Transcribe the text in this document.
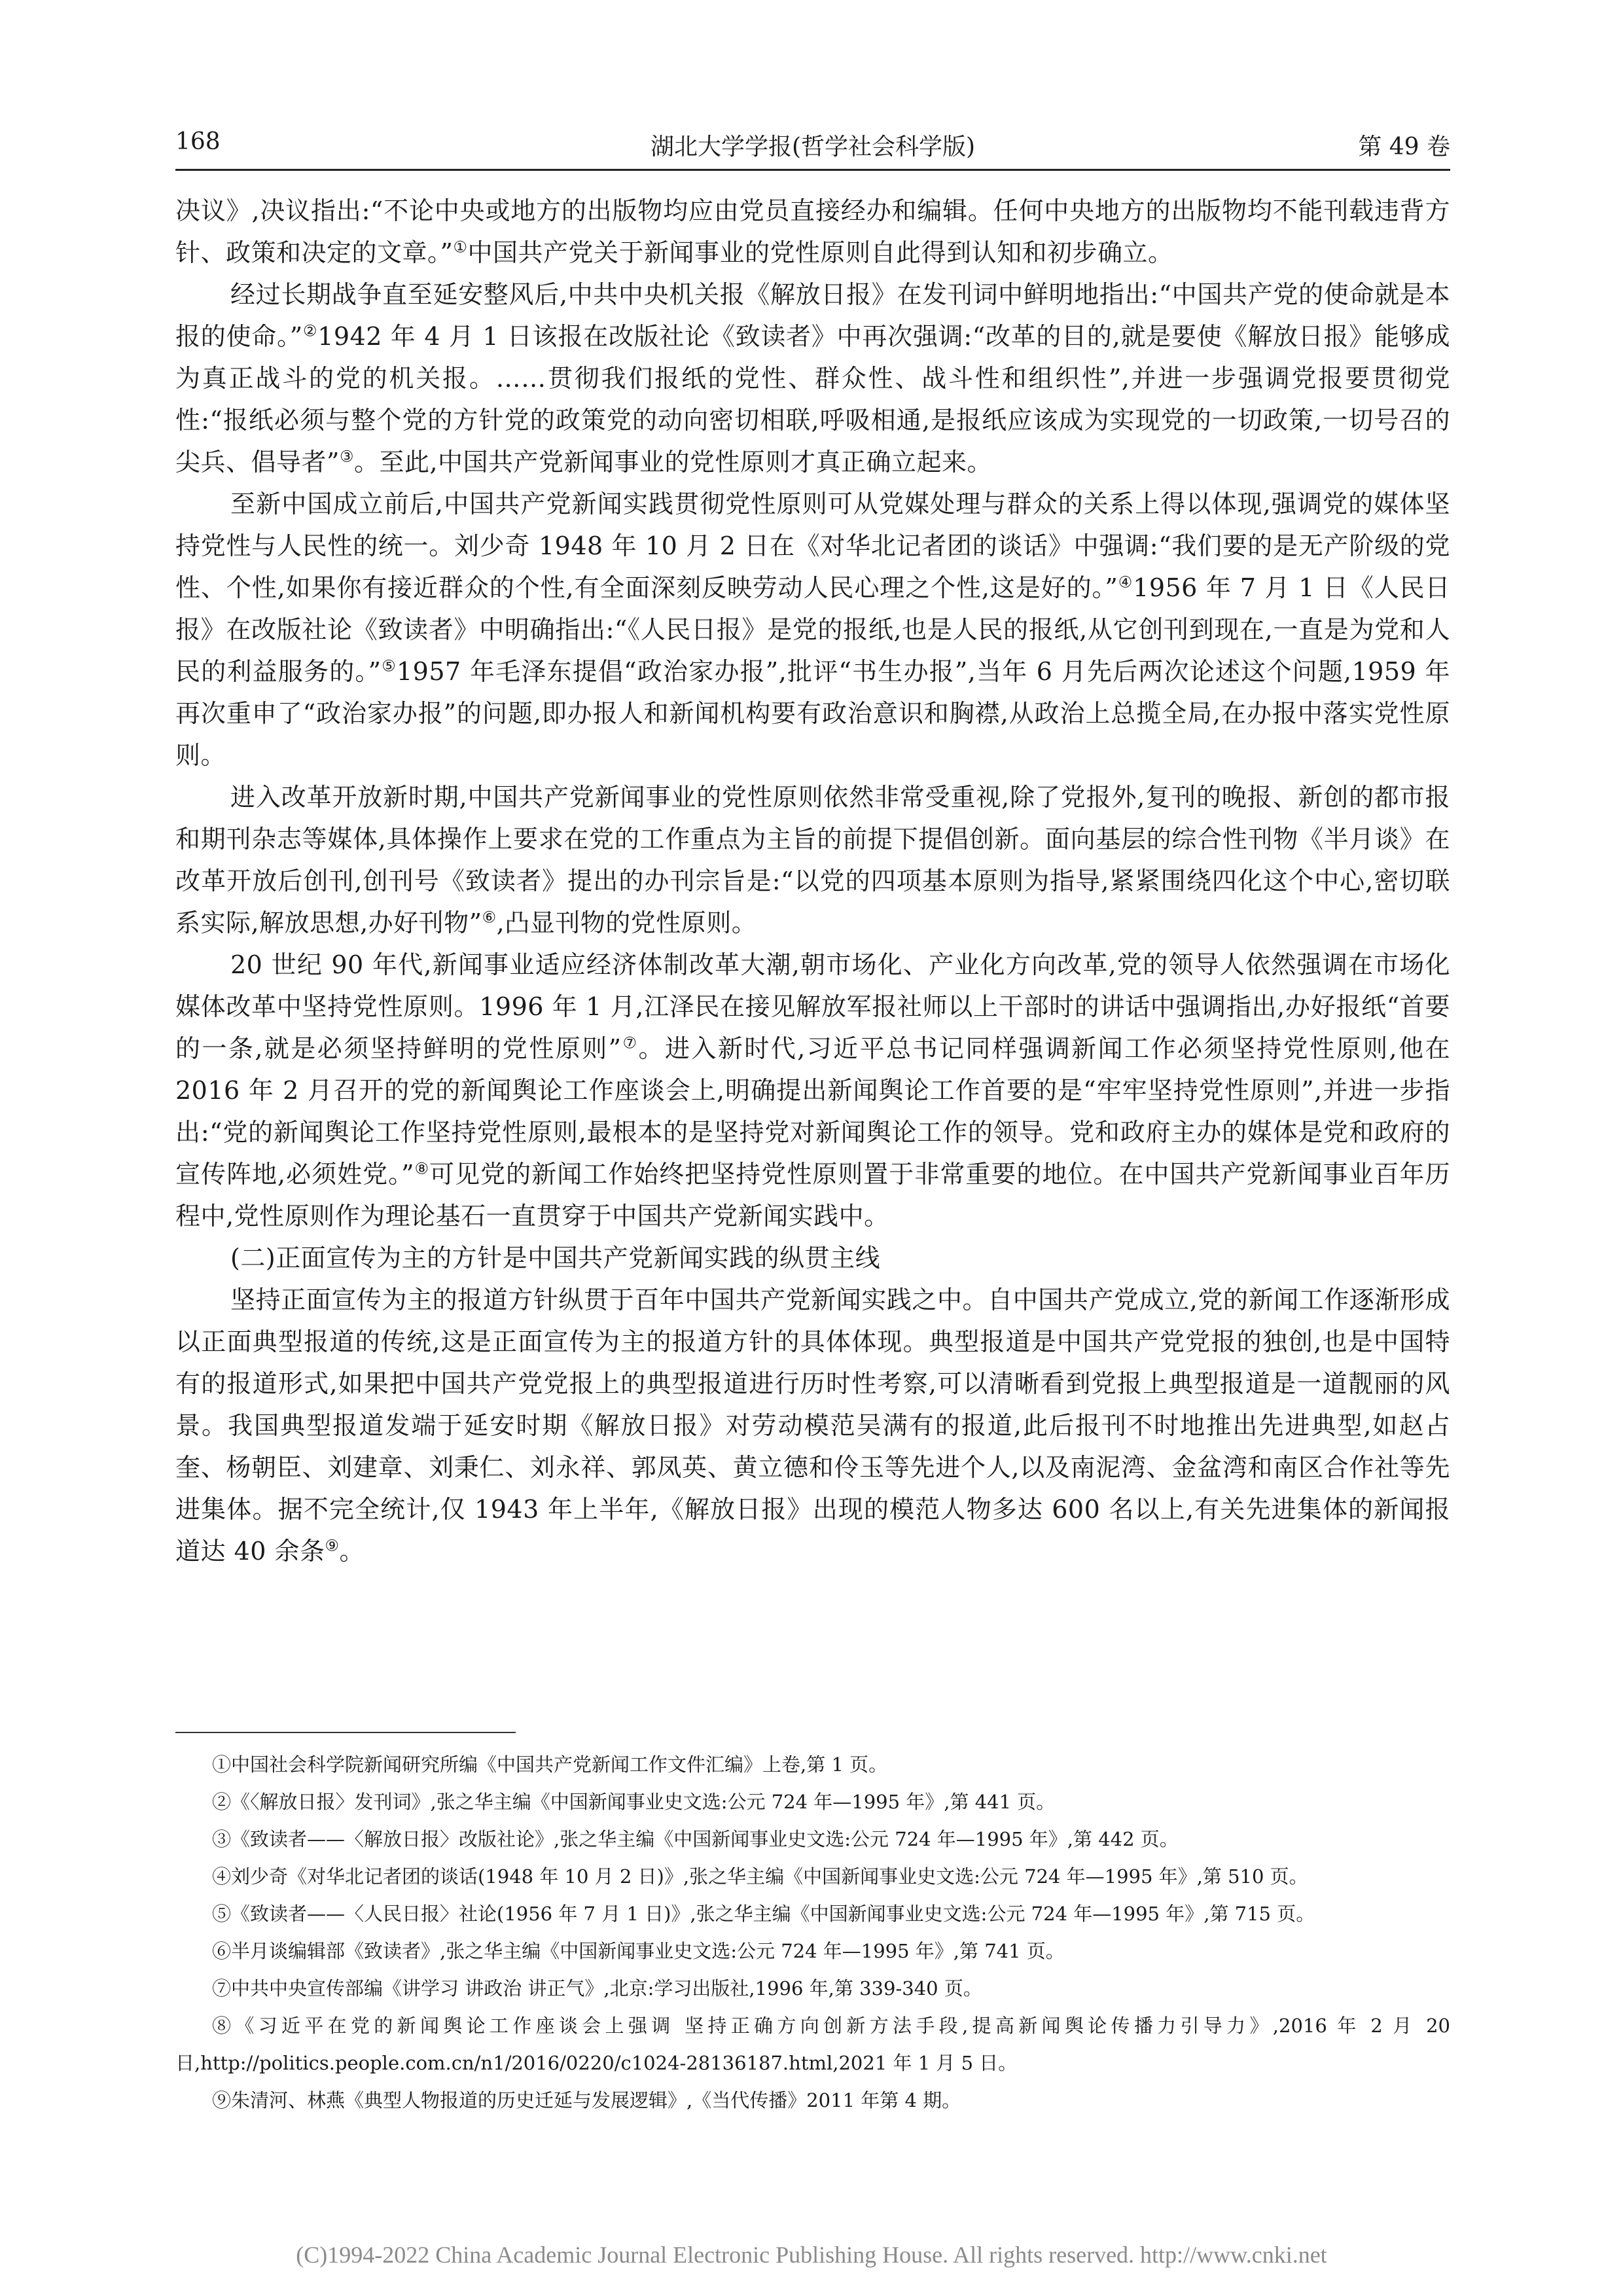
168	湖北大学学报(哲学社会科学版)	第 49 卷

决议》,决议指出:“不论中央或地方的出版物均应由党员直接经办和编辑。任何中央地方的出版物均不能刊载违背方针、政策和决定的文章。”①中国共产党关于新闻事业的党性原则自此得到认知和初步确立。

经过长期战争直至延安整风后,中共中央机关报《解放日报》在发刊词中鲜明地指出:“中国共产党的使命就是本报的使命。”②1942 年 4 月 1 日该报在改版社论《致读者》中再次强调:“改革的目的,就是要使《解放日报》能够成为真正战斗的党的机关报。……贯彻我们报纸的党性、群众性、战斗性和组织性”,并进一步强调党报要贯彻党性:“报纸必须与整个党的方针党的政策党的动向密切相联,呼吸相通,是报纸应该成为实现党的一切政策,一切号召的尖兵、倡导者”③。至此,中国共产党新闻事业的党性原则才真正确立起来。

至新中国成立前后,中国共产党新闻实践贯彻党性原则可从党媒处理与群众的关系上得以体现,强调党的媒体坚持党性与人民性的统一。刘少奇 1948 年 10 月 2 日在《对华北记者团的谈话》中强调:“我们要的是无产阶级的党性、个性,如果你有接近群众的个性,有全面深刻反映劳动人民心理之个性,这是好的。”④1956 年 7 月 1 日《人民日报》在改版社论《致读者》中明确指出:“《人民日报》是党的报纸,也是人民的报纸,从它创刊到现在,一直是为党和人民的利益服务的。”⑤1957 年毛泽东提倡“政治家办报”,批评“书生办报”,当年 6 月先后两次论述这个问题,1959 年再次重申了“政治家办报”的问题,即办报人和新闻机构要有政治意识和胸襟,从政治上总揽全局,在办报中落实党性原则。

进入改革开放新时期,中国共产党新闻事业的党性原则依然非常受重视,除了党报外,复刊的晚报、新创的都市报和期刊杂志等媒体,具体操作上要求在党的工作重点为主旨的前提下提倡创新。面向基层的综合性刊物《半月谈》在改革开放后创刊,创刊号《致读者》提出的办刊宗旨是:“以党的四项基本原则为指导,紧紧围绕四化这个中心,密切联系实际,解放思想,办好刊物”⑥,凸显刊物的党性原则。

20 世纪 90 年代,新闻事业适应经济体制改革大潮,朝市场化、产业化方向改革,党的领导人依然强调在市场化媒体改革中坚持党性原则。1996 年 1 月,江泽民在接见解放军报社师以上干部时的讲话中强调指出,办好报纸“首要的一条,就是必须坚持鲜明的党性原则”⑦。进入新时代,习近平总书记同样强调新闻工作必须坚持党性原则,他在 2016 年 2 月召开的党的新闻舆论工作座谈会上,明确提出新闻舆论工作首要的是“牢牢坚持党性原则”,并进一步指出:“党的新闻舆论工作坚持党性原则,最根本的是坚持党对新闻舆论工作的领导。党和政府主办的媒体是党和政府的宣传阵地,必须姓党。”⑧可见党的新闻工作始终把坚持党性原则置于非常重要的地位。在中国共产党新闻事业百年历程中,党性原则作为理论基石一直贯穿于中国共产党新闻实践中。

(二)正面宣传为主的方针是中国共产党新闻实践的纵贯主线

坚持正面宣传为主的报道方针纵贯于百年中国共产党新闻实践之中。自中国共产党成立,党的新闻工作逐渐形成以正面典型报道的传统,这是正面宣传为主的报道方针的具体体现。典型报道是中国共产党党报的独创,也是中国特有的报道形式,如果把中国共产党党报上的典型报道进行历时性考察,可以清晰看到党报上典型报道是一道靓丽的风景。我国典型报道发端于延安时期《解放日报》对劳动模范吴满有的报道,此后报刊不时地推出先进典型,如赵占奎、杨朝臣、刘建章、刘秉仁、刘永祥、郭凤英、黄立德和伶玉等先进个人,以及南泥湾、金盆湾和南区合作社等先进集体。据不完全统计,仅 1943 年上半年,《解放日报》出现的模范人物多达 600 名以上,有关先进集体的新闻报道达 40 余条⑨。

①中国社会科学院新闻研究所编《中国共产党新闻工作文件汇编》上卷,第 1 页。

②《〈解放日报〉发刊词》,张之华主编《中国新闻事业史文选:公元 724 年—1995 年》,第 441 页。

③《致读者——〈解放日报〉改版社论》,张之华主编《中国新闻事业史文选:公元 724 年—1995 年》,第 442 页。

④刘少奇《对华北记者团的谈话(1948 年 10 月 2 日)》,张之华主编《中国新闻事业史文选:公元 724 年—1995 年》,第 510 页。

⑤《致读者——〈人民日报〉社论(1956 年 7 月 1 日)》,张之华主编《中国新闻事业史文选:公元 724 年—1995 年》,第 715 页。

⑥半月谈编辑部《致读者》,张之华主编《中国新闻事业史文选:公元 724 年—1995 年》,第 741 页。

⑦中共中央宣传部编《讲学习 讲政治 讲正气》,北京:学习出版社,1996 年,第 339-340 页。

⑧《习近平在党的新闻舆论工作座谈会上强调 坚持正确方向创新方法手段,提高新闻舆论传播力引导力》,2016 年 2 月 20 日,http://politics.people.com.cn/n1/2016/0220/c1024-28136187.html,2021 年 1 月 5 日。

⑨朱清河、林燕《典型人物报道的历史迁延与发展逻辑》,《当代传播》2011 年第 4 期。

(C)1994-2022 China Academic Journal Electronic Publishing House. All rights reserved. http://www.cnki.net
